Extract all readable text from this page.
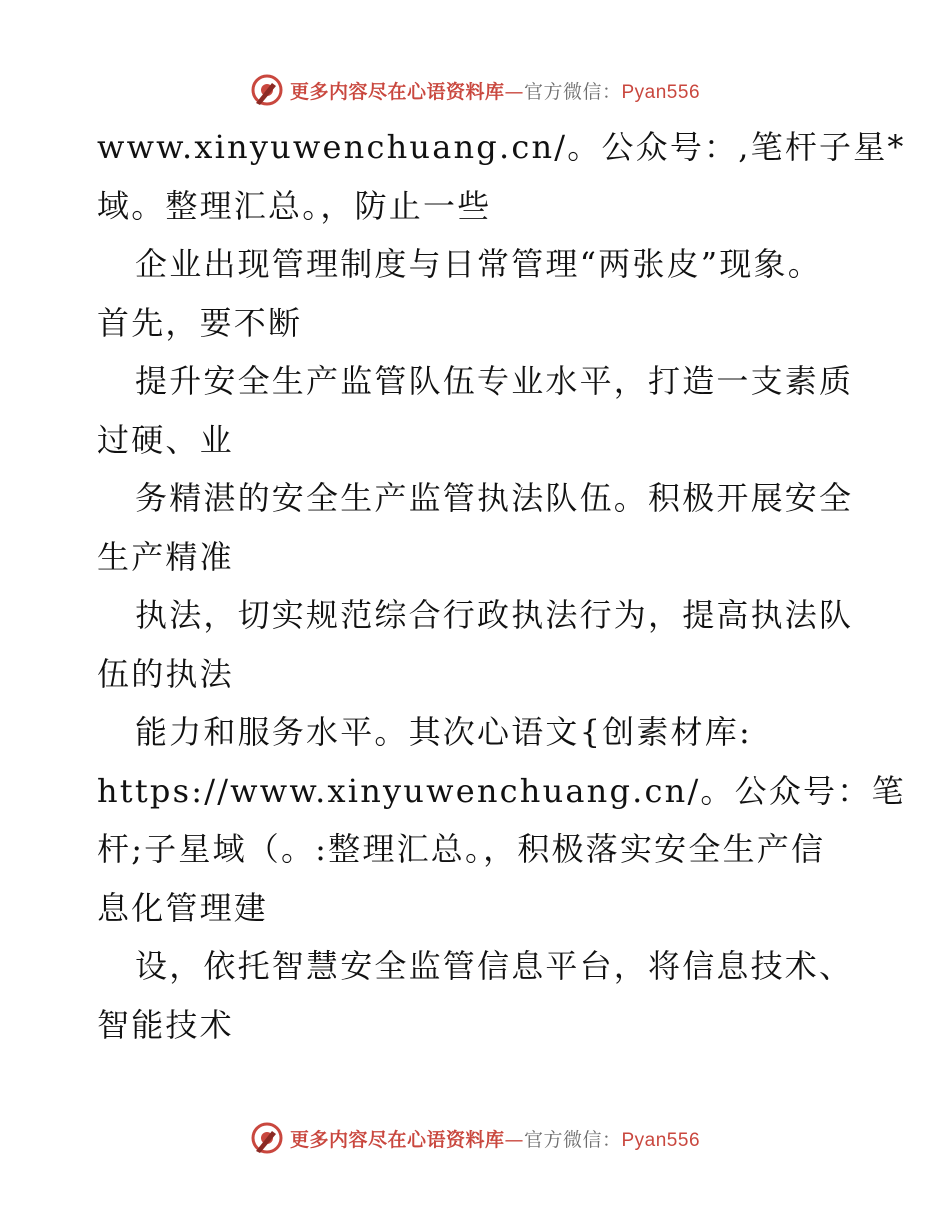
更多内容尽在心语资料库—官方微信：Pyan556
www.xinyuwenchuang.cn/。公众号：,笔杆子星*
域。整理汇总。，防止一些
企业出现管理制度与日常管理“两张皮”现象。
首先，要不断
提升安全生产监管队伍专业水平，打造一支素质
过硬、业
务精湛的安全生产监管执法队伍。积极开展安全
生产精准
执法，切实规范综合行政执法行为，提高执法队
伍的执法
能力和服务水平。其次心语文{创素材库:
https://www.xinyuwenchuang.cn/。公众号：笔
杆;子星域（。:整理汇总。，积极落实安全生产信
息化管理建
设，依托智慧安全监管信息平台，将信息技术、
智能技术
更多内容尽在心语资料库—官方微信：Pyan556
